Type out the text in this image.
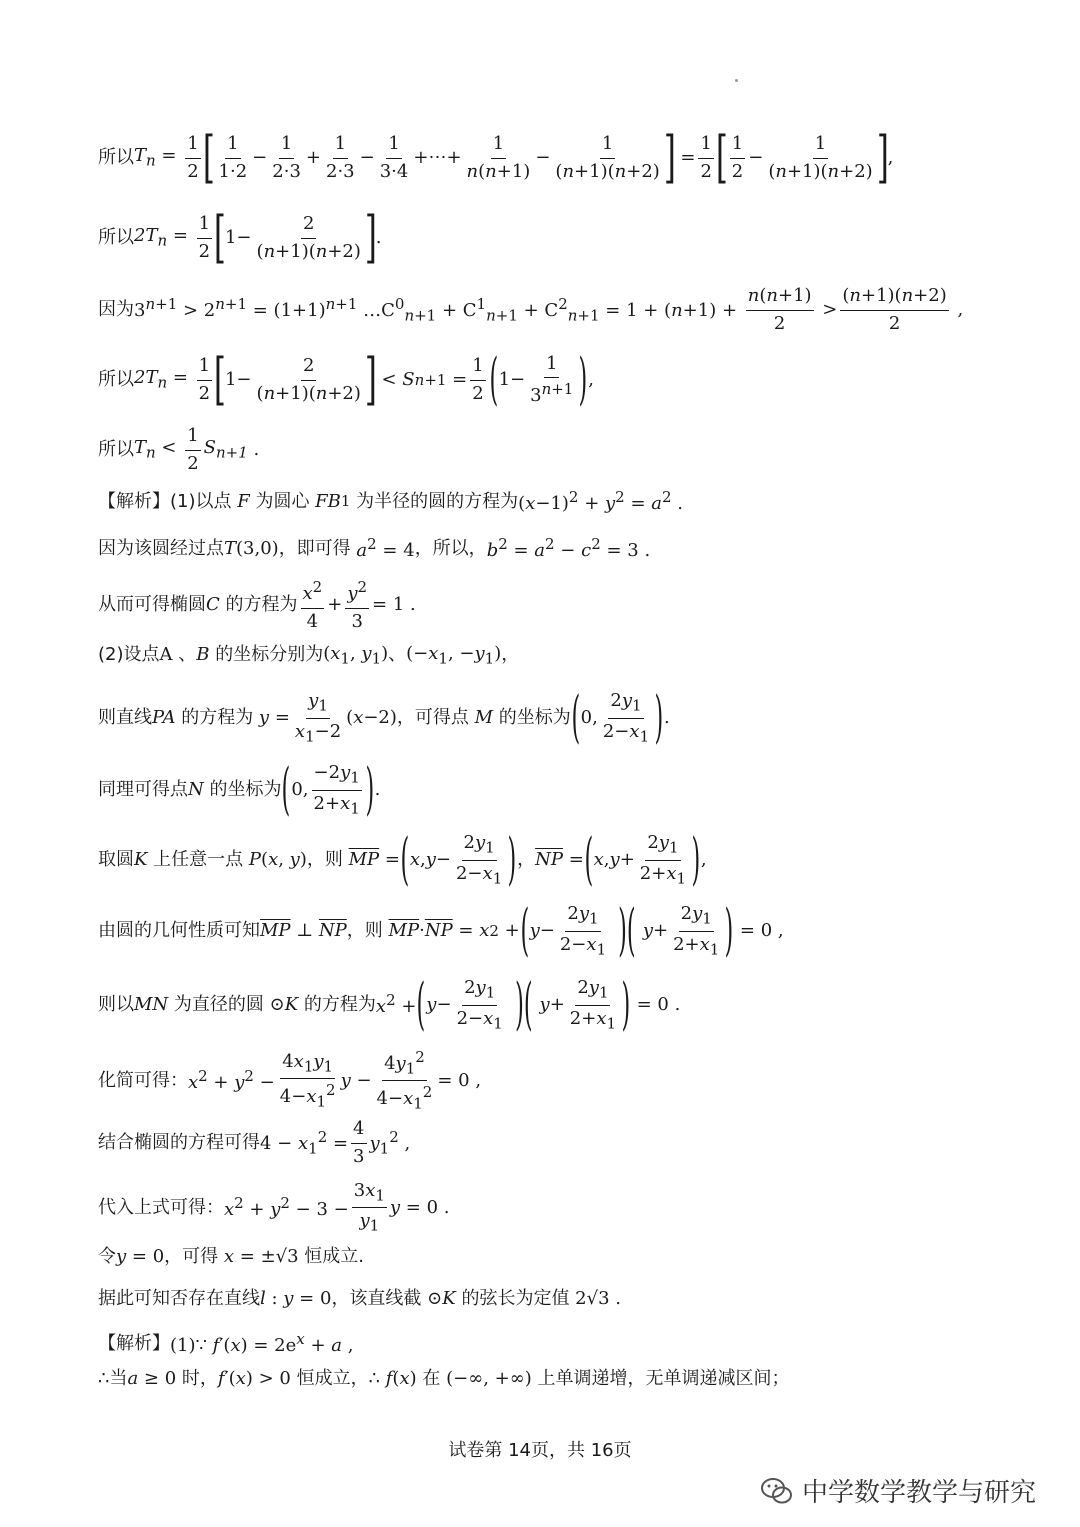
所以 $T_n = \frac{1}{2}$ [ $\frac{1}{1\cdot 2} - \frac{1}{2\cdot 3} + \frac{1}{2\cdot 3} - \frac{1}{3\cdot 4}$ +⋯+ $\frac{1}{n(n+1)} - \frac{1}{(n+1)(n+2)}$ ]
= $\frac{1}{2}$ [ $\frac{1}{2} - \frac{1}{(n+1)(n+2)}$ ]
,
所以 $2T_n = \frac{1}{2}$ [
$1- \frac{2}{(n+1)(n+2)}$ ]
.
因为 $3^{n+1} > 2^{n+1} = (1+1)^{n+1}$ $\dots C^0_{n+1} + C^1_{n+1} + C^2_{n+1} = 1 + (n+1) + \frac{n(n+1)}{2} > \frac{(n+1)(n+2)}{2}$ ,
所以 $2T_n = \frac{1}{2}$ [
$1- \frac{2}{(n+1)(n+2)}$ ]
< S $n+1 = \frac{1}{2}$ ( $1- \frac{1}{3^{n+1}}$ ) ,
所以 $T_n < \frac{1}{2} S_{n+1}$ .
【解析】 (1)以点 F 为圆心 FB 1 为半径的圆的方程为 $(x-1)^2 + y^2 = a^2$ .
因为该圆经过点 T(3,0) ，即可得 $a^2 = 4$ ，所以， $b^2 = a^2 - c^2 = 3$ .
从而可得椭圆 C 的方程为 $\frac{x^2}{4} + \frac{y^2}{3} = 1$ .
(2)设点 A 、B 的坐标分别为 ($x_1$, $y_1$) 、 ($-x_1$, $-y_1$) ，
则直线 PA 的方程为 $y = \frac{y_1}{x_1-2} (x-2)$ ，可得点 M 的坐标为 ( 0, $\frac{2y_1}{2-x_1}$ ) .
同理可得点 N 的坐标为 ( 0, $\frac{-2y_1}{2+x_1}$ ) .
取圆 K 上任意一点 P(x, y) ，则 $\overline{MP}$ = ( x , $y - \frac{2y_1}{2-x_1}$ ) ， $\overline{NP}$ = ( x , $y + \frac{2y_1}{2+x_1}$ ) ,
由圆的几何性质可知 $\overline{MP}$ ⊥ $\overline{NP}$ ，则 $\overline{MP} \cdot \overline{NP} = x$ 2 + ( $y - \frac{2y_1}{2-x_1}$ )( $y + \frac{2y_1}{2+x_1}$ ) = 0 ,
则以 MN 为直径的圆 ⊙K 的方程为 $x^2$ + ( $y - \frac{2y_1}{2-x_1}$ )( $y + \frac{2y_1}{2+x_1}$ ) = 0 .
化简可得： $x^2 + y^2 - \frac{4x_1y_1}{4-x_1^2}$ $y - \frac{4y_1^2}{4-x_1^2} = 0$ ,
结合椭圆的方程可得 $4 - x_1^2 = \frac{4}{3} y_1^2$ ,
代入上式可得： $x^2 + y^2 - 3 - \frac{3x_1}{y_1}$ y = 0 .
令 y = 0 ，可得 x = ±√3 恒成立.
据此可知否存在直线 l : y = 0 ，该直线截 ⊙K 的弦长为定值 2√3 .
【解析】 (1)∵ $f'(x) = 2e^x + a$ ,
∴当 a ≥ 0 时， f′(x) > 0 恒成立，∴ f(x) 在 (−∞, +∞) 上单调递增，无单调递减区间；
试卷第 14页，共 16页
中学数学教学与研究
